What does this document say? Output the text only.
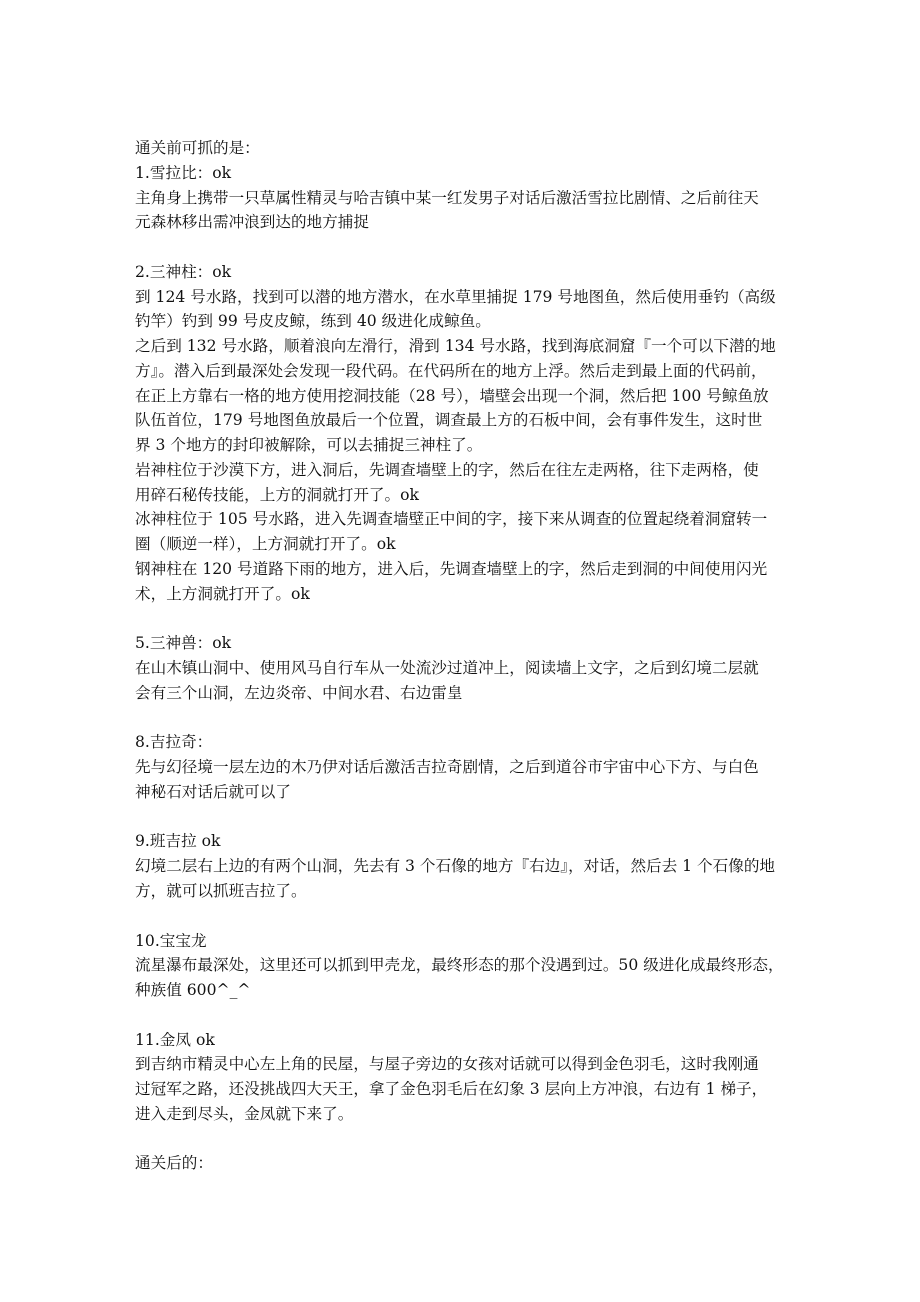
通关前可抓的是：
1.雪拉比：ok
主角身上携带一只草属性精灵与哈吉镇中某一红发男子对话后激活雪拉比剧情、之后前往天
元森林移出需冲浪到达的地方捕捉
2.三神柱：ok
到 124 号水路，找到可以潜的地方潜水，在水草里捕捉 179 号地图鱼，然后使用垂钓（高级
钓竿）钓到 99 号皮皮鲸，练到 40 级进化成鲸鱼。
之后到 132 号水路，顺着浪向左滑行，滑到 134 号水路，找到海底洞窟『一个可以下潜的地
方』。潜入后到最深处会发现一段代码。在代码所在的地方上浮。然后走到最上面的代码前，
在正上方靠右一格的地方使用挖洞技能（28 号），墙壁会出现一个洞，然后把 100 号鲸鱼放
队伍首位，179 号地图鱼放最后一个位置，调查最上方的石板中间，会有事件发生，这时世
界 3 个地方的封印被解除，可以去捕捉三神柱了。
岩神柱位于沙漠下方，进入洞后，先调查墙壁上的字，然后在往左走两格，往下走两格，使
用碎石秘传技能，上方的洞就打开了。ok
冰神柱位于 105 号水路，进入先调查墙壁正中间的字，接下来从调查的位置起绕着洞窟转一
圈（顺逆一样），上方洞就打开了。ok
钢神柱在 120 号道路下雨的地方，进入后，先调查墙壁上的字，然后走到洞的中间使用闪光
术，上方洞就打开了。ok
5.三神兽：ok
在山木镇山洞中、使用风马自行车从一处流沙过道冲上，阅读墙上文字，之后到幻境二层就
会有三个山洞，左边炎帝、中间水君、右边雷皇
8.吉拉奇：
先与幻径境一层左边的木乃伊对话后激活吉拉奇剧情，之后到道谷市宇宙中心下方、与白色
神秘石对话后就可以了
9.班吉拉 ok
幻境二层右上边的有两个山洞，先去有 3 个石像的地方『右边』，对话，然后去 1 个石像的地
方，就可以抓班吉拉了。
10.宝宝龙
流星瀑布最深处，这里还可以抓到甲壳龙，最终形态的那个没遇到过。50 级进化成最终形态，
种族值 600^_^
11.金凤 ok
到吉纳市精灵中心左上角的民屋，与屋子旁边的女孩对话就可以得到金色羽毛，这时我刚通
过冠军之路，还没挑战四大天王，拿了金色羽毛后在幻象 3 层向上方冲浪，右边有 1 梯子，
进入走到尽头，金凤就下来了。
通关后的：
